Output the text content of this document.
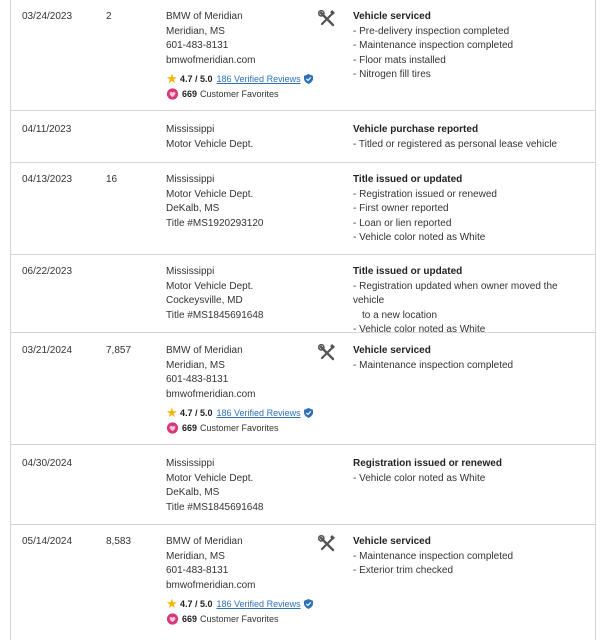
03/24/2023	2	BMW of Meridian
Meridian, MS
601-483-8131
bmwofmeridian.com
★ 4.7 / 5.0 186 Verified Reviews
669 Customer Favorites
Vehicle serviced
- Pre-delivery inspection completed
- Maintenance inspection completed
- Floor mats installed
- Nitrogen fill tires
04/11/2023	Mississippi
Motor Vehicle Dept.
Vehicle purchase reported
- Titled or registered as personal lease vehicle
04/13/2023	16	Mississippi
Motor Vehicle Dept.
DeKalb, MS
Title #MS1920293120
Title issued or updated
- Registration issued or renewed
- First owner reported
- Loan or lien reported
- Vehicle color noted as White
06/22/2023	Mississippi
Motor Vehicle Dept.
Cockeysville, MD
Title #MS1845691648
Title issued or updated
- Registration updated when owner moved the vehicle
to a new location
- Vehicle color noted as White
03/21/2024	7,857	BMW of Meridian
Meridian, MS
601-483-8131
bmwofmeridian.com
★ 4.7 / 5.0 186 Verified Reviews
669 Customer Favorites
Vehicle serviced
- Maintenance inspection completed
04/30/2024	Mississippi
Motor Vehicle Dept.
DeKalb, MS
Title #MS1845691648
Registration issued or renewed
- Vehicle color noted as White
05/14/2024	8,583	BMW of Meridian
Meridian, MS
601-483-8131
bmwofmeridian.com
★ 4.7 / 5.0 186 Verified Reviews
669 Customer Favorites
Vehicle serviced
- Maintenance inspection completed
- Exterior trim checked
